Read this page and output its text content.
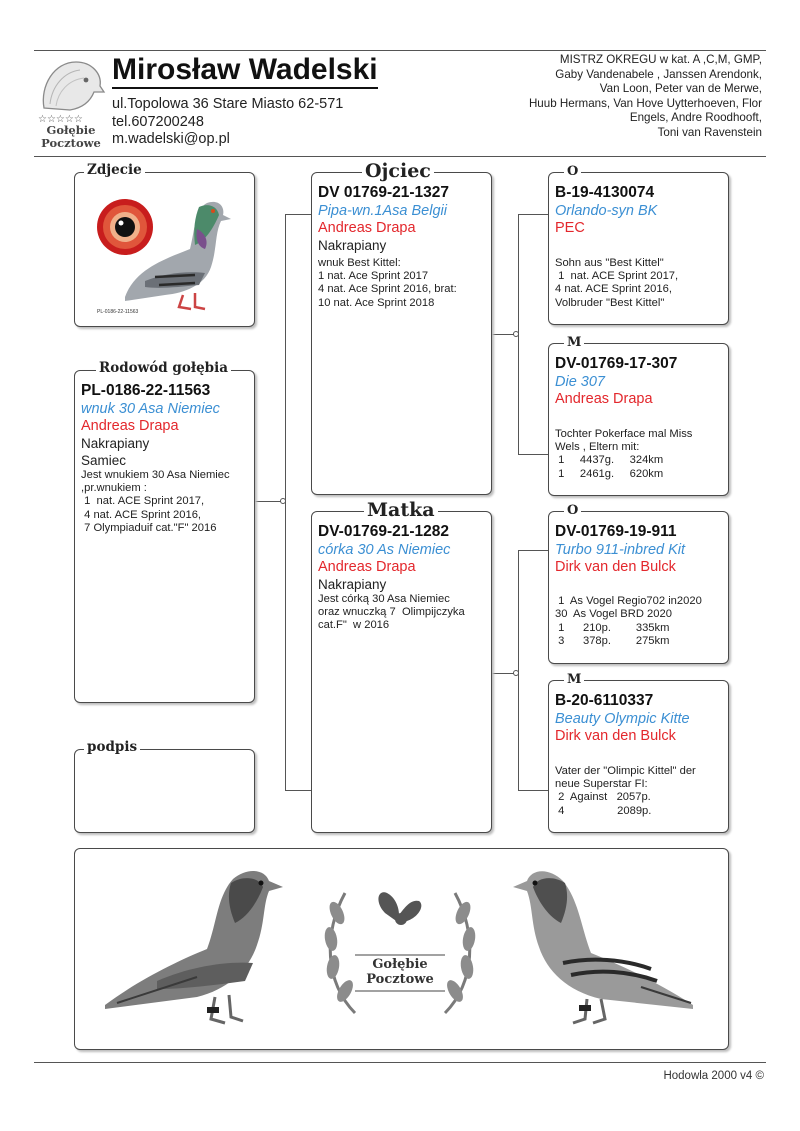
☆☆☆☆☆
Gołębie
Pocztowe
Mirosław Wadelski
ul.Topolowa 36 Stare Miasto 62-571
tel.607200248
m.wadelski@op.pl
MISTRZ OKREGU w kat. A ,C,M, GMP,
Gaby Vandenabele , Janssen Arendonk,
Van Loon, Peter van de Merwe,
Huub Hermans, Van Hove Uytterhoeven, Flor
Engels, Andre Roodhooft,
Toni van Ravenstein
PL-0186-22-11563
Zdjecie
PL-0186-22-11563
wnuk 30 Asa Niemiec
Andreas Drapa
Nakrapiany
Samiec
Jest wnukiem 30 Asa Niemiec
,pr.wnukiem :
1  nat. ACE Sprint 2017,
4 nat. ACE Sprint 2016,
7 Olympiaduif cat."F" 2016
Rodowód gołębia
podpis
DV 01769-21-1327
Pipa-wn.1Asa Belgii
Andreas Drapa
Nakrapiany
wnuk Best Kittel:
1 nat. Ace Sprint 2017
4 nat. Ace Sprint 2016, brat:
10 nat. Ace Sprint 2018
Ojciec
DV-01769-21-1282
córka 30 As Niemiec
Andreas Drapa
Nakrapiany
Jest córką 30 Asa Niemiec
oraz wnuczką 7  Olimpijczyka
cat.F"  w 2016
Matka
B-19-4130074
Orlando-syn BK
PEC
Sohn aus "Best Kittel"
1  nat. ACE Sprint 2017,
4 nat. ACE Sprint 2016,
Volbruder "Best Kittel"
O
DV-01769-17-307
Die 307
Andreas Drapa
Tochter Pokerface mal Miss
Wels , Eltern mit:
1     4437g.     324km
1     2461g.     620km
M
DV-01769-19-911
Turbo 911-inbred Kit
Dirk van den Bulck

1  As Vogel Regio702 in2020
30  As Vogel BRD 2020
1      210p.        335km
3      378p.        275km
O
B-20-6110337
Beauty Olympic Kitte
Dirk van den Bulck
Vater der "Olimpic Kittel" der
neue Superstar FI:
2  Against   2057p.
4                 2089p.
M
Gołębie
Pocztowe
Hodowla 2000 v4 ©
